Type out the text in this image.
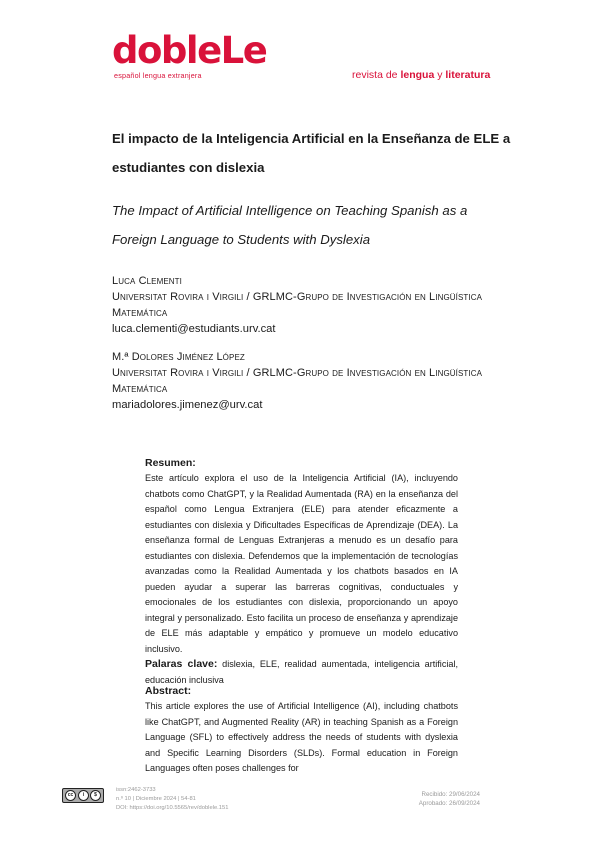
dobleLe
español lengua extranjera	revista de lengua y literatura
El impacto de la Inteligencia Artificial en la Enseñanza de ELE a estudiantes con dislexia
The Impact of Artificial Intelligence on Teaching Spanish as a Foreign Language to Students with Dyslexia
Luca Clementi
Universitat Rovira i Virgili / GRLMC-Grupo de Investigación en Lingüística Matemática
luca.clementi@estudiants.urv.cat
M.ª Dolores Jiménez López
Universitat Rovira i Virgili / GRLMC-Grupo de Investigación en Lingüística Matemática
mariadolores.jimenez@urv.cat
Resumen:
Este artículo explora el uso de la Inteligencia Artificial (IA), incluyendo chatbots como ChatGPT, y la Realidad Aumentada (RA) en la enseñanza del español como Lengua Extranjera (ELE) para atender eficazmente a estudiantes con dislexia y Dificultades Específicas de Aprendizaje (DEA). La enseñanza formal de Lenguas Extranjeras a menudo es un desafío para estudiantes con dislexia. Defendemos que la implementación de tecnologías avanzadas como la Realidad Aumentada y los chatbots basados en IA pueden ayudar a superar las barreras cognitivas, conductuales y emocionales de los estudiantes con dislexia, proporcionando un apoyo integral y personalizado. Esto facilita un proceso de enseñanza y aprendizaje de ELE más adaptable y empático y promueve un modelo educativo inclusivo.
Palaras clave: dislexia, ELE, realidad aumentada, inteligencia artificial, educación inclusiva
Abstract:
This article explores the use of Artificial Intelligence (AI), including chatbots like ChatGPT, and Augmented Reality (AR) in teaching Spanish as a Foreign Language (SFL) to effectively address the needs of students with dyslexia and Specific Learning Disorders (SLDs). Formal education in Foreign Languages often poses challenges for
cc	i	$
issn:2462-3733
n.º 10 | Diciembre 2024 | 54-81
DOI: https://doi.org/10.5565/rev/doblele.151
Recibido: 29/06/2024
Aprobado: 26/09/2024
